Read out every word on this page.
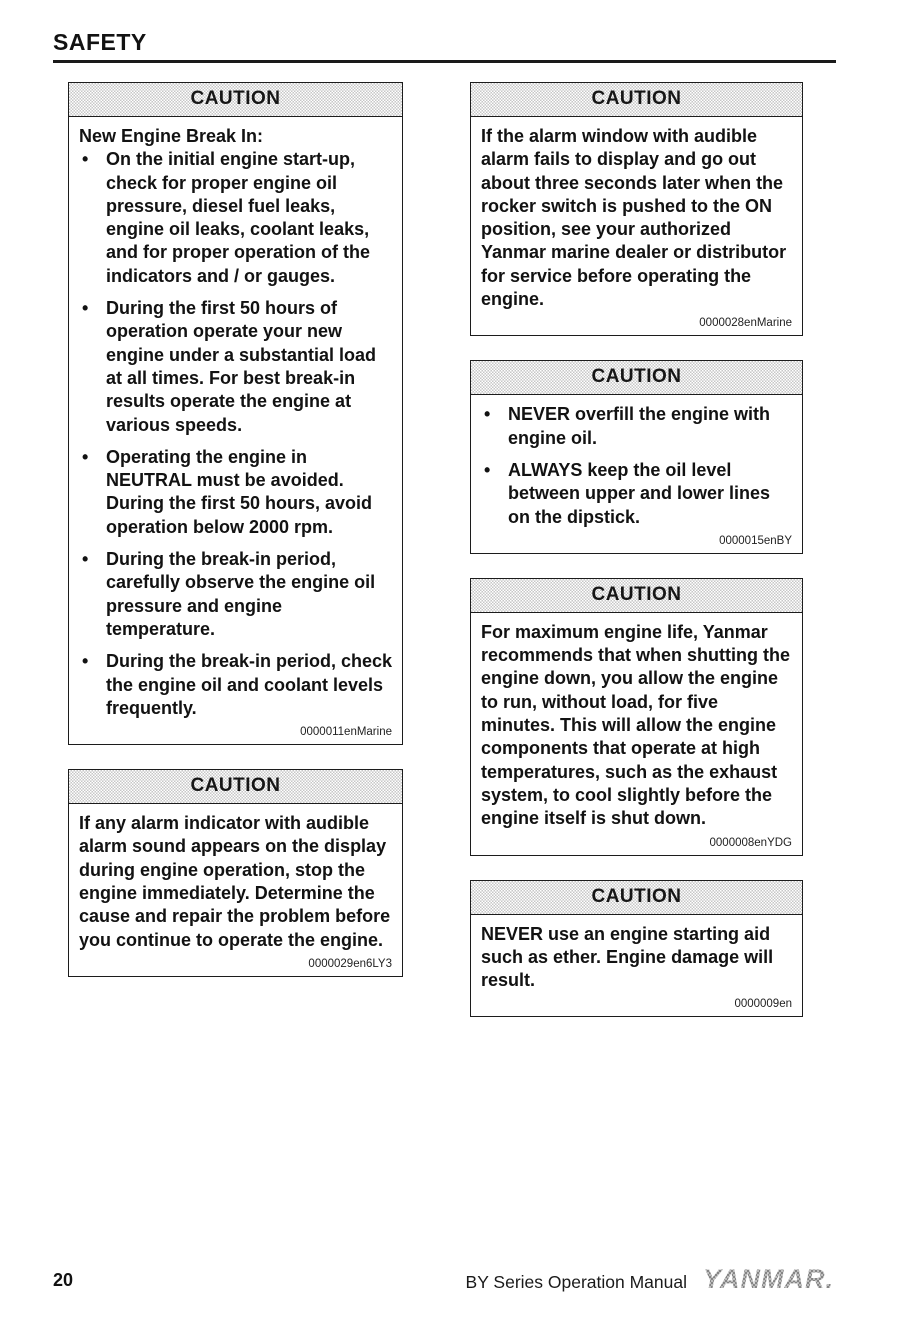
SAFETY
CAUTION

New Engine Break In:

• On the initial engine start-up, check for proper engine oil pressure, diesel fuel leaks, engine oil leaks, coolant leaks, and for proper operation of the indicators and / or gauges.
• During the first 50 hours of operation operate your new engine under a substantial load at all times. For best break-in results operate the engine at various speeds.
• Operating the engine in NEUTRAL must be avoided. During the first 50 hours, avoid operation below 2000 rpm.
• During the break-in period, carefully observe the engine oil pressure and engine temperature.
• During the break-in period, check the engine oil and coolant levels frequently.
0000011enMarine
CAUTION

If any alarm indicator with audible alarm sound appears on the display during engine operation, stop the engine immediately. Determine the cause and repair the problem before you continue to operate the engine.

0000029en6LY3
CAUTION

If the alarm window with audible alarm fails to display and go out about three seconds later when the rocker switch is pushed to the ON position, see your authorized Yanmar marine dealer or distributor for service before operating the engine.

0000028enMarine
CAUTION
• NEVER overfill the engine with engine oil.
• ALWAYS keep the oil level between upper and lower lines on the dipstick.
0000015enBY
CAUTION

For maximum engine life, Yanmar recommends that when shutting the engine down, you allow the engine to run, without load, for five minutes. This will allow the engine components that operate at high temperatures, such as the exhaust system, to cool slightly before the engine itself is shut down.

0000008enYDG
CAUTION

NEVER use an engine starting aid such as ether. Engine damage will result.

0000009en
20	BY Series Operation Manual YANMAR.
